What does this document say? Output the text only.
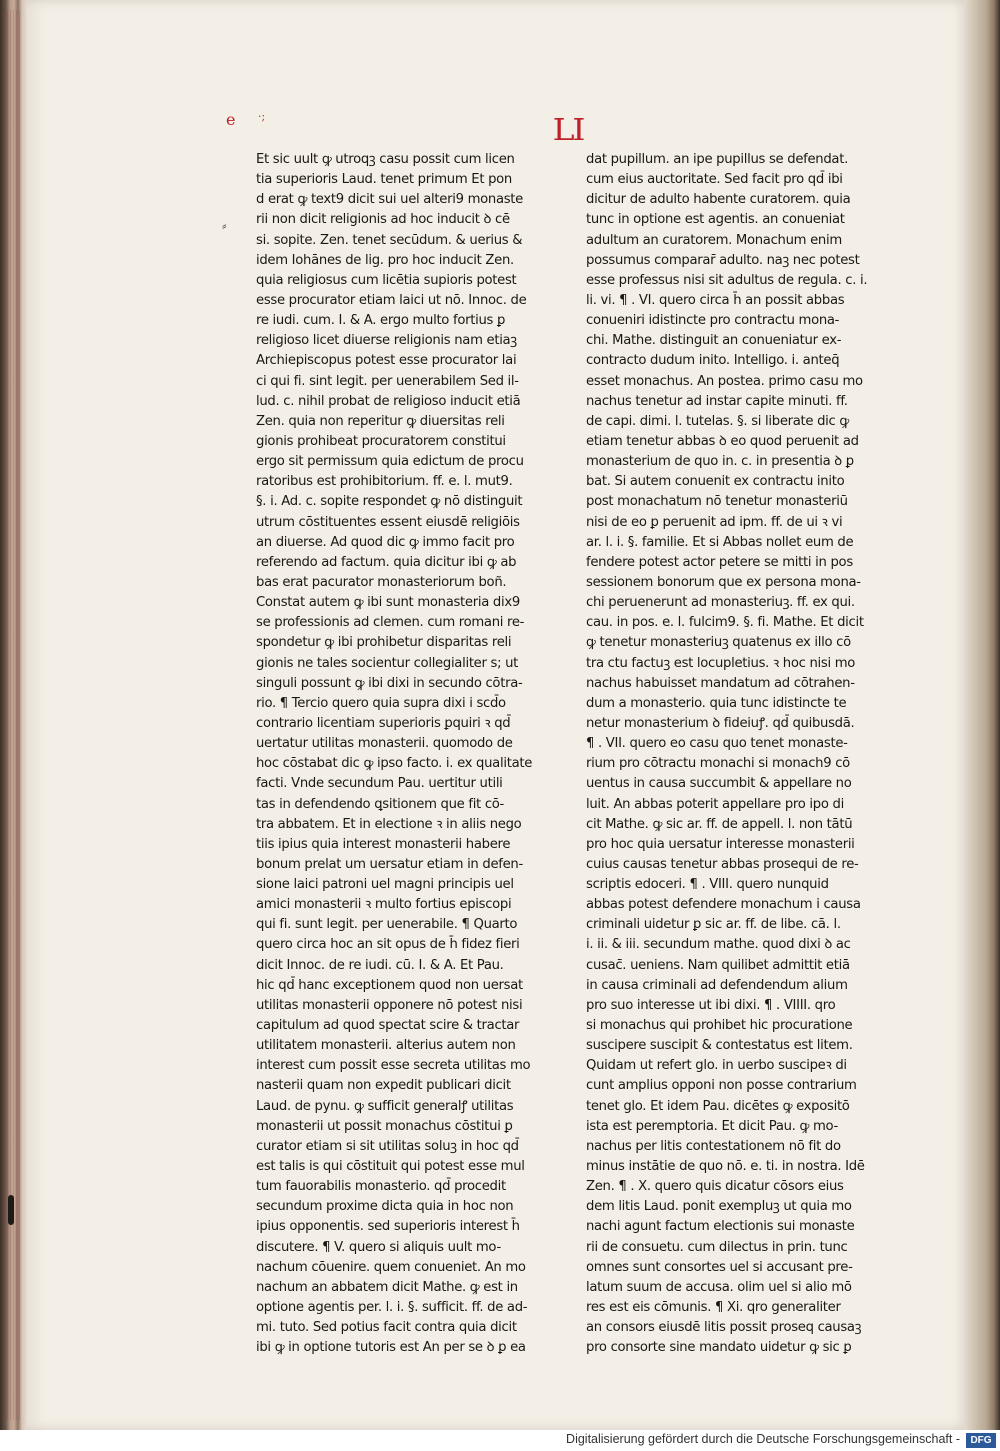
e ·;
⸗
LI
Et sic uult ꝙ utroqꝫ casu possit cum licen
tia superioris Laud. tenet primum Et pon
d erat ꝙ text9 dicit sui uel alteri9 monaste
rii non dicit religionis ad hoc inducit ꝺ cē
si. sopite. Zen. tenet secūdum. & uerius &
idem Iohānes de lig. pro hoc inducit Zen.
quia religiosus cum licētia supioris potest
esse procurator etiam laici ut nō. Innoc. de
re iudi. cum. I. & A. ergo multo fortius ꝑ
religioso licet diuerse religionis nam etiaꝫ
Archiepiscopus potest esse procurator lai
ci qui fi. sint legit. per uenerabilem Sed il-
lud. c. nihil probat de religioso inducit etiā
Zen. quia non reperitur ꝙ diuersitas reli
gionis prohibeat procuratorem constitui
ergo sit permissum quia edictum de procu
ratoribus est prohibitorium. ff. e. l. mut9.
§. i. Ad. c. sopite respondet ꝙ nō distinguit
utrum cōstituentes essent eiusdē religiōis
an diuerse. Ad quod dic ꝙ immo facit pro
referendo ad factum. quia dicitur ibi ꝙ ab
bas erat pacurator monasteriorum boñ.
Constat autem ꝙ ibi sunt monasteria dix9
se professionis ad clemen. cum romani re-
spondetur ꝙ ibi prohibetur disparitas reli
gionis ne tales socientur collegialiter s; ut
singuli possunt ꝙ ibi dixi in secundo cōtra-
rio. ¶ Tercio quero quia supra dixi i scd̄o
contrario licentiam superioris ꝑquiri ꝛ qd̄
uertatur utilitas monasterii. quomodo de
hoc cōstabat dic ꝙ ipso facto. i. ex qualitate
facti. Vnde secundum Pau. uertitur utili
tas in defendendo ꝗsitionem que fit cō-
tra abbatem. Et in electione ꝛ in aliis nego
tiis ipius quia interest monasterii habere
bonum prelat um uersatur etiam in defen-
sione laici patroni uel magni principis uel
amici monasterii ꝛ multo fortius episcopi
qui fi. sunt legit. per uenerabile. ¶ Quarto
quero circa hoc an sit opus de h̄ fidez fieri
dicit Innoc. de re iudi. cū. I. & A. Et Pau.
hic qd̄ hanc exceptionem quod non uersat
utilitas monasterii opponere nō potest nisi
capitulum ad quod spectat scire & tractar
utilitatem monasterii. alterius autem non
interest cum possit esse secreta utilitas mo
nasterii quam non expedit publicari dicit
Laud. de pynu. ꝙ sufficit generalꝭ utilitas
monasterii ut possit monachus cōstitui ꝑ
curator etiam si sit utilitas soluꝫ in hoc qd̄
est talis is qui cōstituit qui potest esse mul
tum fauorabilis monasterio. qd̄ procedit
secundum proxime dicta quia in hoc non
ipius opponentis. sed superioris interest h̄
discutere. ¶ V. quero si aliquis uult mo-
nachum cōuenire. quem conueniet. An mo
nachum an abbatem dicit Mathe. ꝙ est in
optione agentis per. l. i. §. sufficit. ff. de ad-
mi. tuto. Sed potius facit contra quia dicit
ibi ꝙ in optione tutoris est An per se ꝺ ꝑ ea
dat pupillum. an ipe pupillus se defendat.
cum eius auctoritate. Sed facit pro qd̄ ibi
dicitur de adulto habente curatorem. quia
tunc in optione est agentis. an conueniat
adultum an curatorem. Monachum enim
possumus comparar̄ adulto. naꝫ nec potest
esse professus nisi sit adultus de regula. c. i.
li. vi. ¶ . VI. quero circa h̄ an possit abbas
conueniri idistincte pro contractu mona-
chi. Mathe. distinguit an conueniatur ex-
contracto dudum inito. Intelligo. i. anteq̄
esset monachus. An postea. primo casu mo
nachus tenetur ad instar capite minuti. ff.
de capi. dimi. l. tutelas. §. si liberate dic ꝙ
etiam tenetur abbas ꝺ eo quod peruenit ad
monasterium de quo in. c. in presentia ꝺ ꝑ
bat. Si autem conuenit ex contractu inito
post monachatum nō tenetur monasteriū
nisi de eo ꝑ peruenit ad ipm. ff. de ui ꝛ vi
ar. l. i. §. familie. Et si Abbas nollet eum de
fendere potest actor petere se mitti in pos
sessionem bonorum que ex persona mona-
chi peruenerunt ad monasteriuꝫ. ff. ex qui.
cau. in pos. e. l. fulcim9. §. fi. Mathe. Et dicit
ꝙ tenetur monasteriuꝫ quatenus ex illo cō
tra ctu factuꝫ est locupletius. ꝛ hoc nisi mo
nachus habuisset mandatum ad cōtrahen-
dum a monasterio. quia tunc idistincte te
netur monasterium ꝺ fideiuꝭ. qd̄ quibusdā.
¶ . VII. quero eo casu quo tenet monaste-
rium pro cōtractu monachi si monach9 cō
uentus in causa succumbit & appellare no
luit. An abbas poterit appellare pro ipo di
cit Mathe. ꝙ sic ar. ff. de appell. l. non tātū
pro hoc quia uersatur interesse monasterii
cuius causas tenetur abbas prosequi de re-
scriptis edoceri. ¶ . VIII. quero nunquid
abbas potest defendere monachum i causa
criminali uidetur ꝑ sic ar. ff. de libe. cā. l.
i. ii. & iii. secundum mathe. quod dixi ꝺ ac
cusac̄. ueniens. Nam quilibet admittit etiā
in causa criminali ad defendendum alium
pro suo interesse ut ibi dixi. ¶ . VIIII. qro
si monachus qui prohibet hic procuratione
suscipere suscipit & contestatus est litem.
Quidam ut refert glo. in uerbo suscipeꝛ di
cunt amplius opponi non posse contrarium
tenet glo. Et idem Pau. dicētes ꝙ expositō
ista est peremptoria. Et dicit Pau. ꝙ mo-
nachus per litis contestationem nō fit do
minus instātie de quo nō. e. ti. in nostra. Idē
Zen. ¶ . X. quero quis dicatur cōsors eius
dem litis Laud. ponit exempluꝫ ut quia mo
nachi agunt factum electionis sui monaste
rii de consuetu. cum dilectus in prin. tunc
omnes sunt consortes uel si accusant pre-
latum suum de accusa. olim uel si alio mō
res est eis cōmunis. ¶ Xi. qro generaliter
an consors eiusdē litis possit proseq causaꝫ
pro consorte sine mandato uidetur ꝙ sic ꝑ
Digitalisierung gefördert durch die Deutsche Forschungsgemeinschaft -	DFG
